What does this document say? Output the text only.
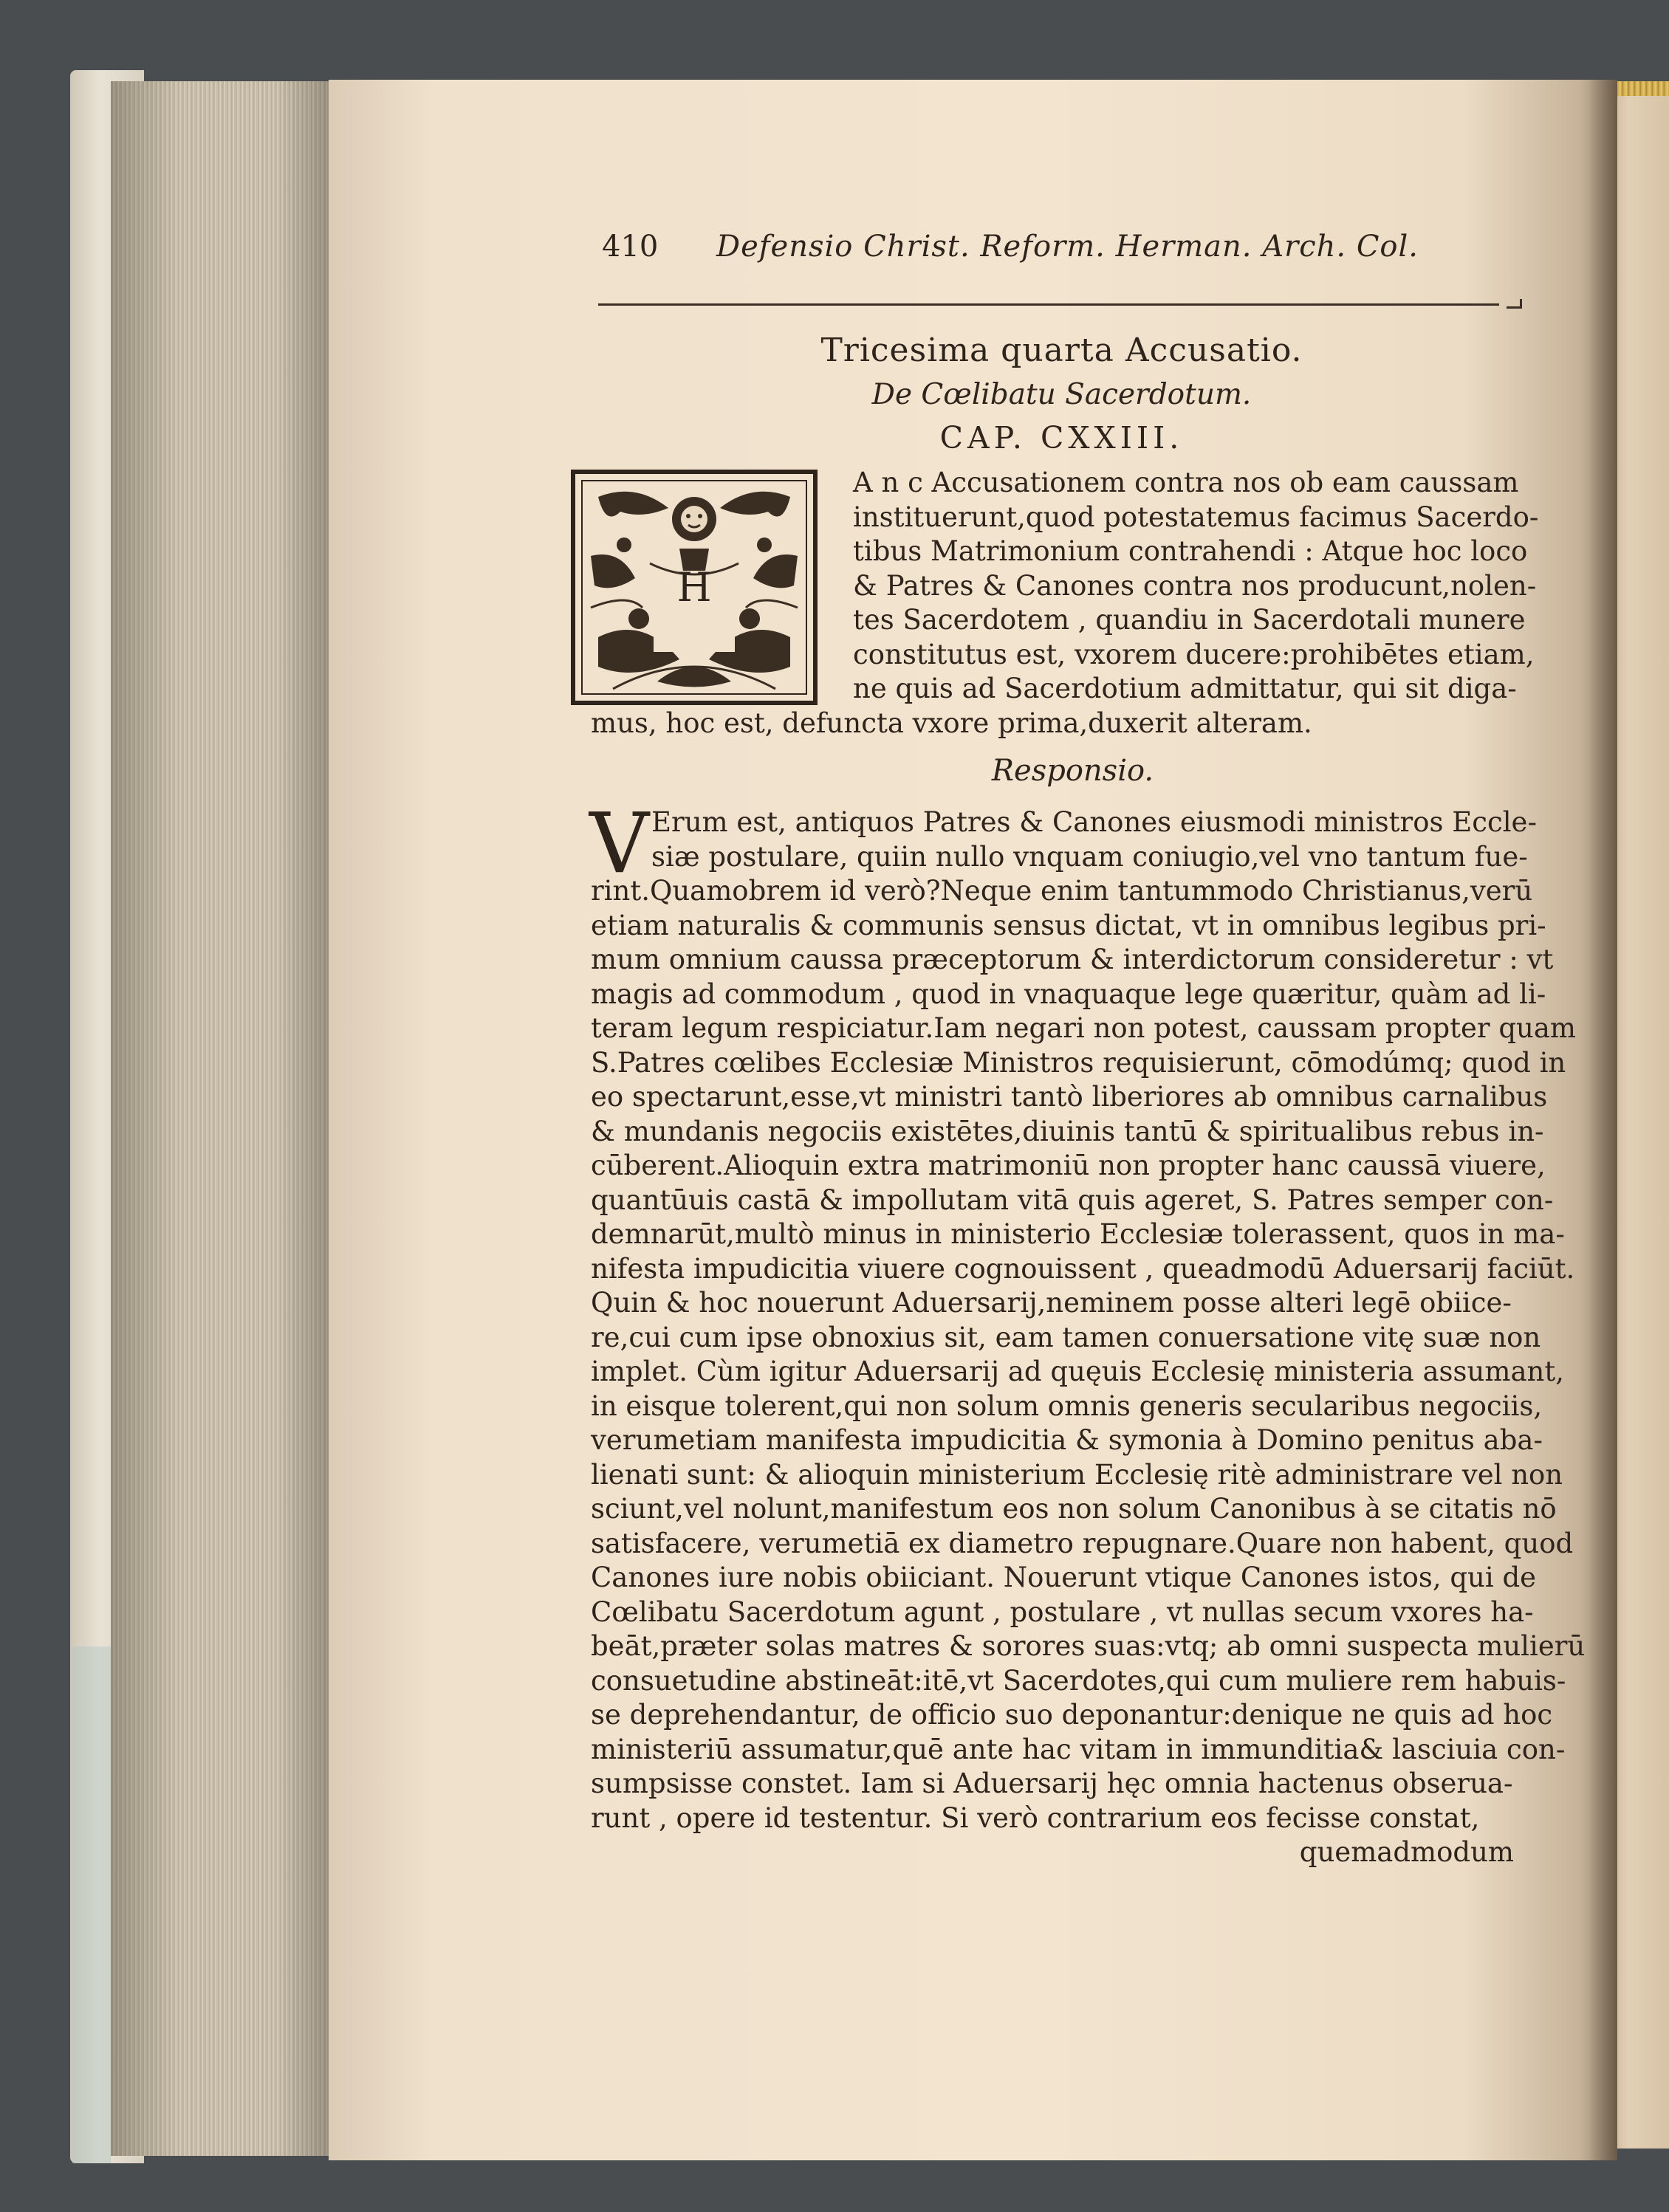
410 Defensio Christ. Reform. Herman. Arch. Col.
Tricesima quarta Accusatio.
De Cœlibatu Sacerdotum.
CAP. CXXIII.
H
A n c Accusationem contra nos ob eam caussam
instituerunt,quod potestatemus facimus Sacerdo-
tibus Matrimonium contrahendi : Atque hoc loco
& Patres & Canones contra nos producunt,nolen-
tes Sacerdotem , quandiu in Sacerdotali munere
constitutus est, vxorem ducere:prohibētes etiam,
ne quis ad Sacerdotium admittatur, qui sit diga-
mus, hoc est, defuncta vxore prima,duxerit alteram.
Responsio.
V Erum est, antiquos Patres & Canones eiusmodi ministros Eccle-
siæ postulare, quiin nullo vnquam coniugio,vel vno tantum fue-
rint.Quamobrem id verò?Neque enim tantummodo Christianus,verū
etiam naturalis & communis sensus dictat, vt in omnibus legibus pri-
mum omnium caussa præceptorum & interdictorum consideretur : vt
magis ad commodum , quod in vnaquaque lege quæritur, quàm ad li-
teram legum respiciatur.Iam negari non potest, caussam propter quam
S.Patres cœlibes Ecclesiæ Ministros requisierunt, cōmodúmq; quod in
eo spectarunt,esse,vt ministri tantò liberiores ab omnibus carnalibus
& mundanis negociis existētes,diuinis tantū & spiritualibus rebus in-
cūberent.Alioquin extra matrimoniū non propter hanc caussā viuere,
quantūuis castā & impollutam vitā quis ageret, S. Patres semper con-
demnarūt,multò minus in ministerio Ecclesiæ tolerassent, quos in ma-
nifesta impudicitia viuere cognouissent , queadmodū Aduersarij faciūt.
Quin & hoc nouerunt Aduersarij,neminem posse alteri legē obiice-
re,cui cum ipse obnoxius sit, eam tamen conuersatione vitę suæ non
implet. Cùm igitur Aduersarij ad quęuis Ecclesię ministeria assumant,
in eisque tolerent,qui non solum omnis generis secularibus negociis,
verumetiam manifesta impudicitia & symonia à Domino penitus aba-
lienati sunt: & alioquin ministerium Ecclesię ritè administrare vel non
sciunt,vel nolunt,manifestum eos non solum Canonibus à se citatis nō
satisfacere, verumetiā ex diametro repugnare.Quare non habent, quod
Canones iure nobis obiiciant. Nouerunt vtique Canones istos, qui de
Cœlibatu Sacerdotum agunt , postulare , vt nullas secum vxores ha-
beāt,præter solas matres & sorores suas:vtq; ab omni suspecta mulierū
consuetudine abstineāt:itē,vt Sacerdotes,qui cum muliere rem habuis-
se deprehendantur, de officio suo deponantur:denique ne quis ad hoc
ministeriū assumatur,quē ante hac vitam in immunditia& lasciuia con-
sumpsisse constet. Iam si Aduersarij hęc omnia hactenus obserua-
runt , opere id testentur. Si verò contrarium eos fecisse constat,
quemadmodum
